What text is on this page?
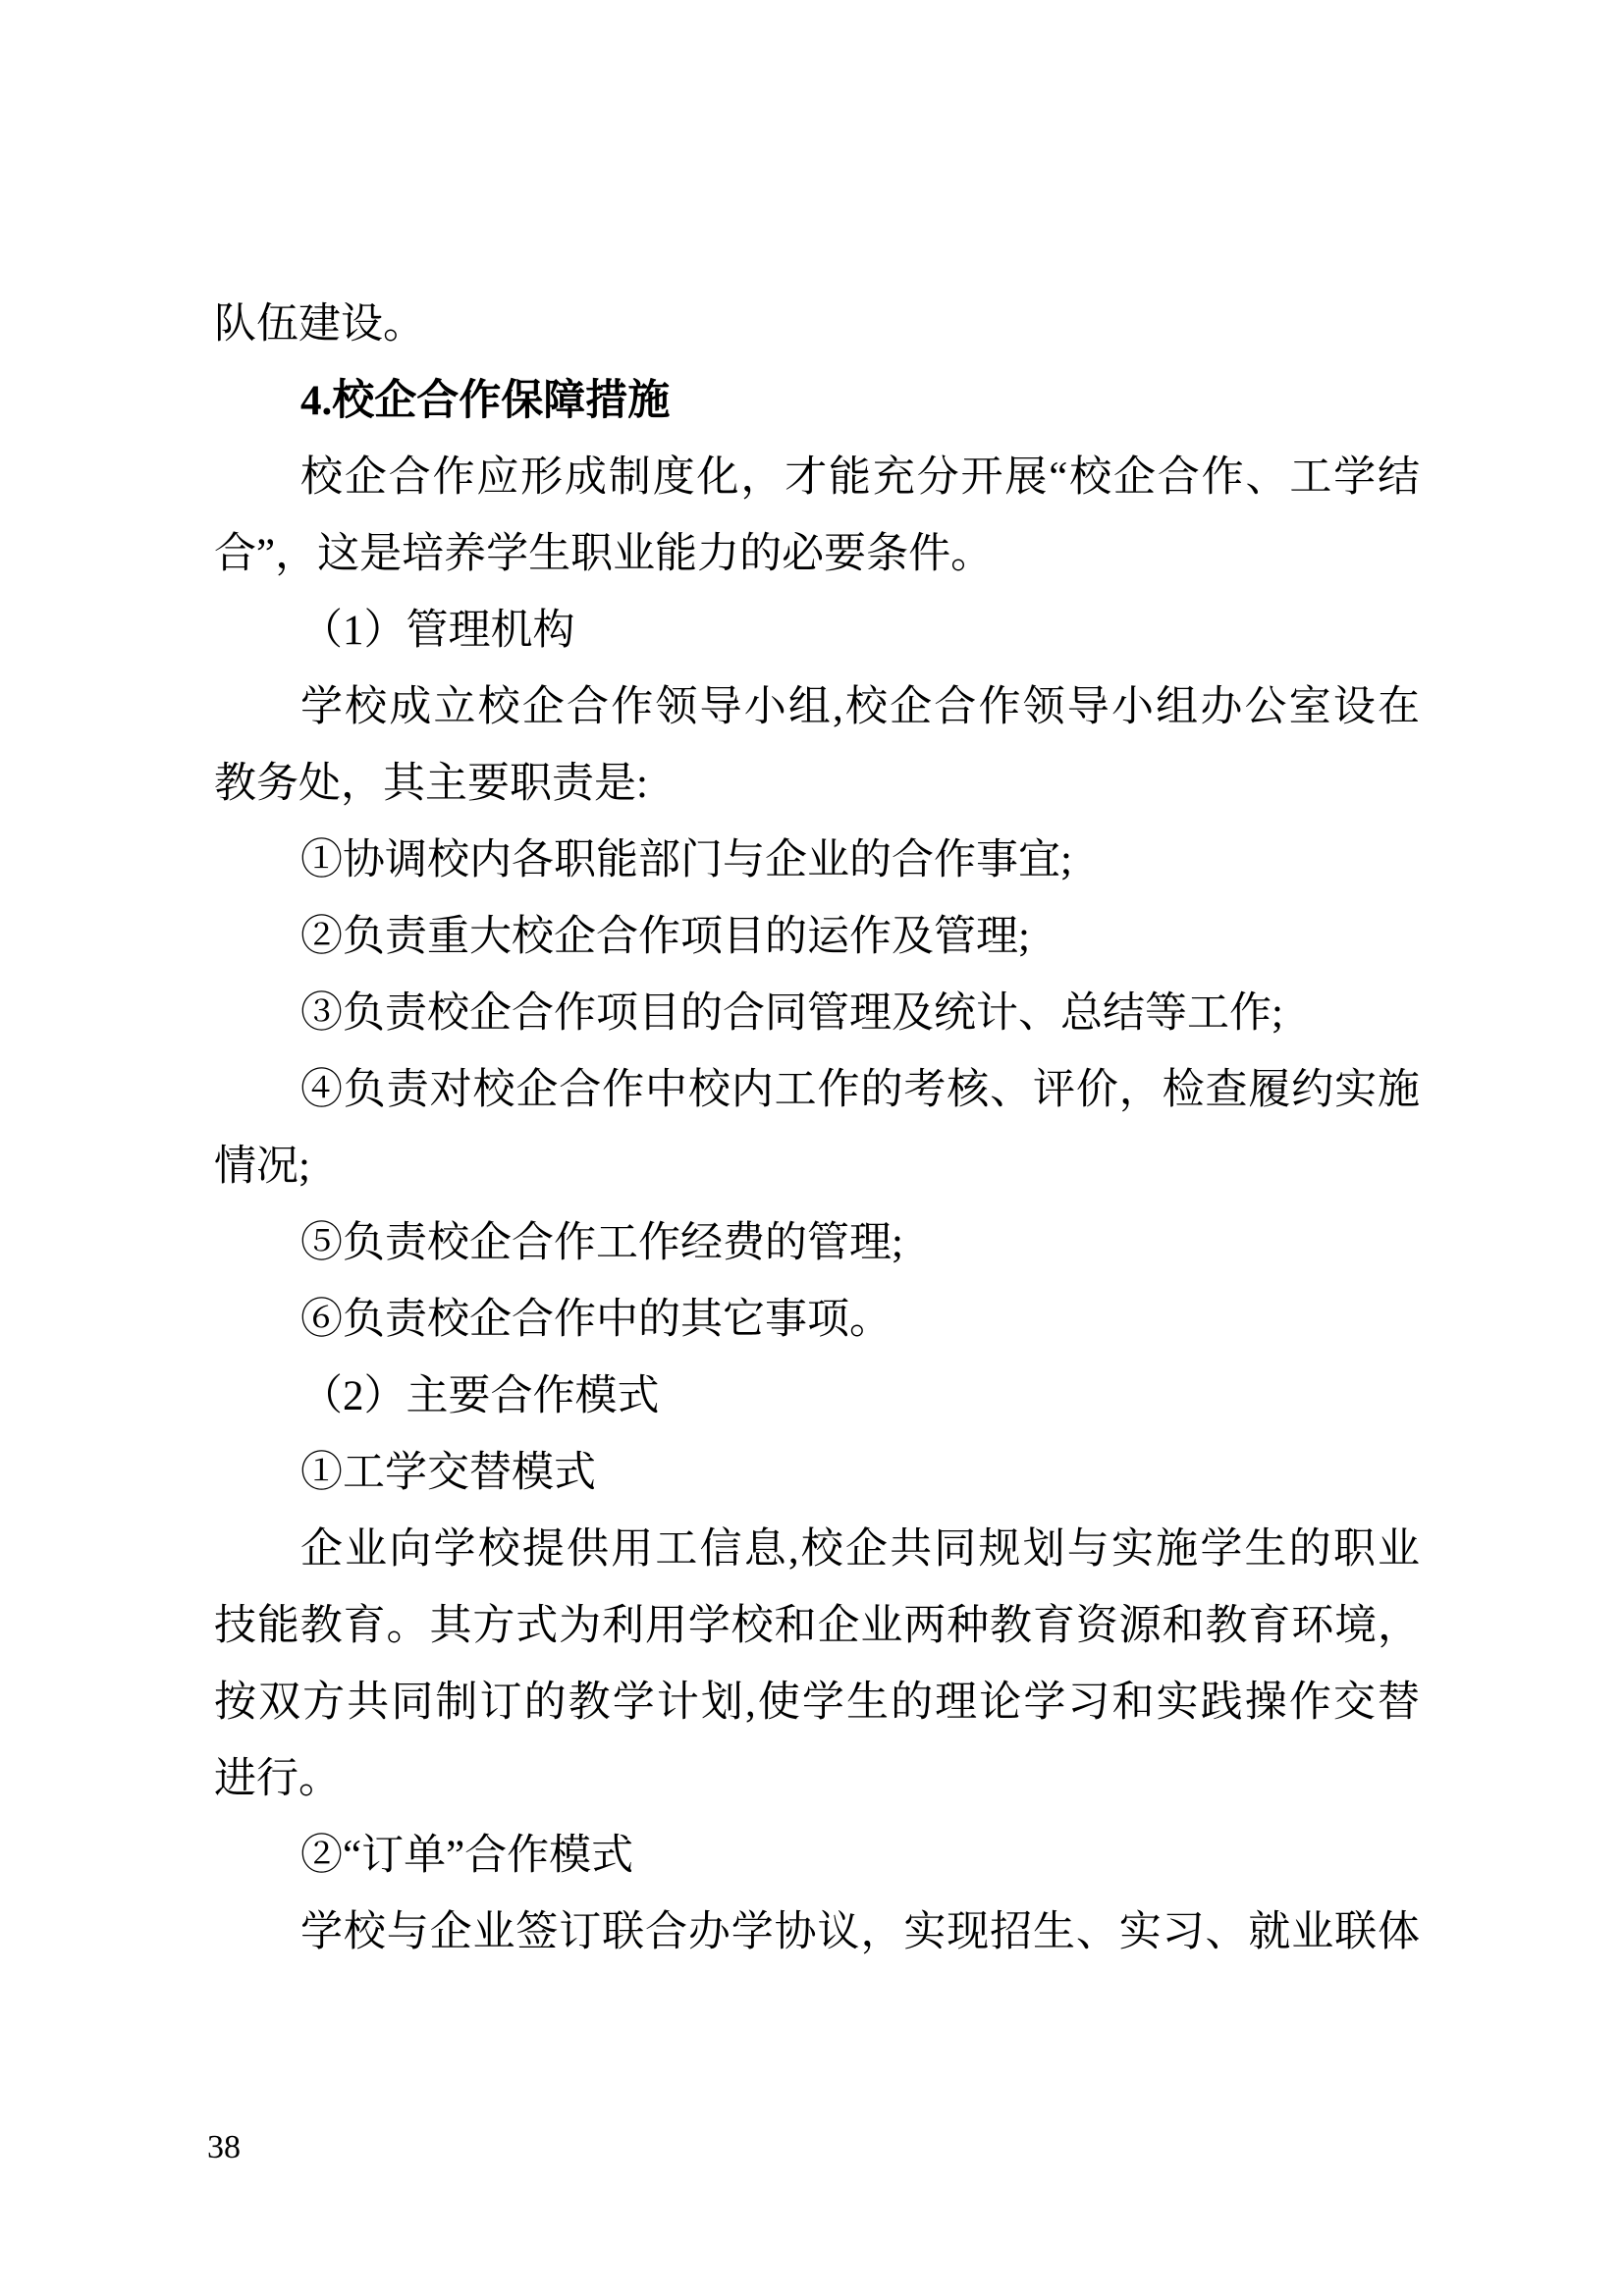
队伍建设。
4.校企合作保障措施
校企合作应形成制度化，才能充分开展“校企合作、工学结
合”，这是培养学生职业能力的必要条件。
（1）管理机构
学校成立校企合作领导小组,校企合作领导小组办公室设在
教务处，其主要职责是:
①协调校内各职能部门与企业的合作事宜;
②负责重大校企合作项目的运作及管理;
③负责校企合作项目的合同管理及统计、总结等工作;
④负责对校企合作中校内工作的考核、评价，检查履约实施
情况;
⑤负责校企合作工作经费的管理;
⑥负责校企合作中的其它事项。
（2）主要合作模式
①工学交替模式
企业向学校提供用工信息,校企共同规划与实施学生的职业
技能教育。其方式为利用学校和企业两种教育资源和教育环境，
按双方共同制订的教学计划,使学生的理论学习和实践操作交替
进行。
②“订单”合作模式
学校与企业签订联合办学协议，实现招生、实习、就业联体
38
